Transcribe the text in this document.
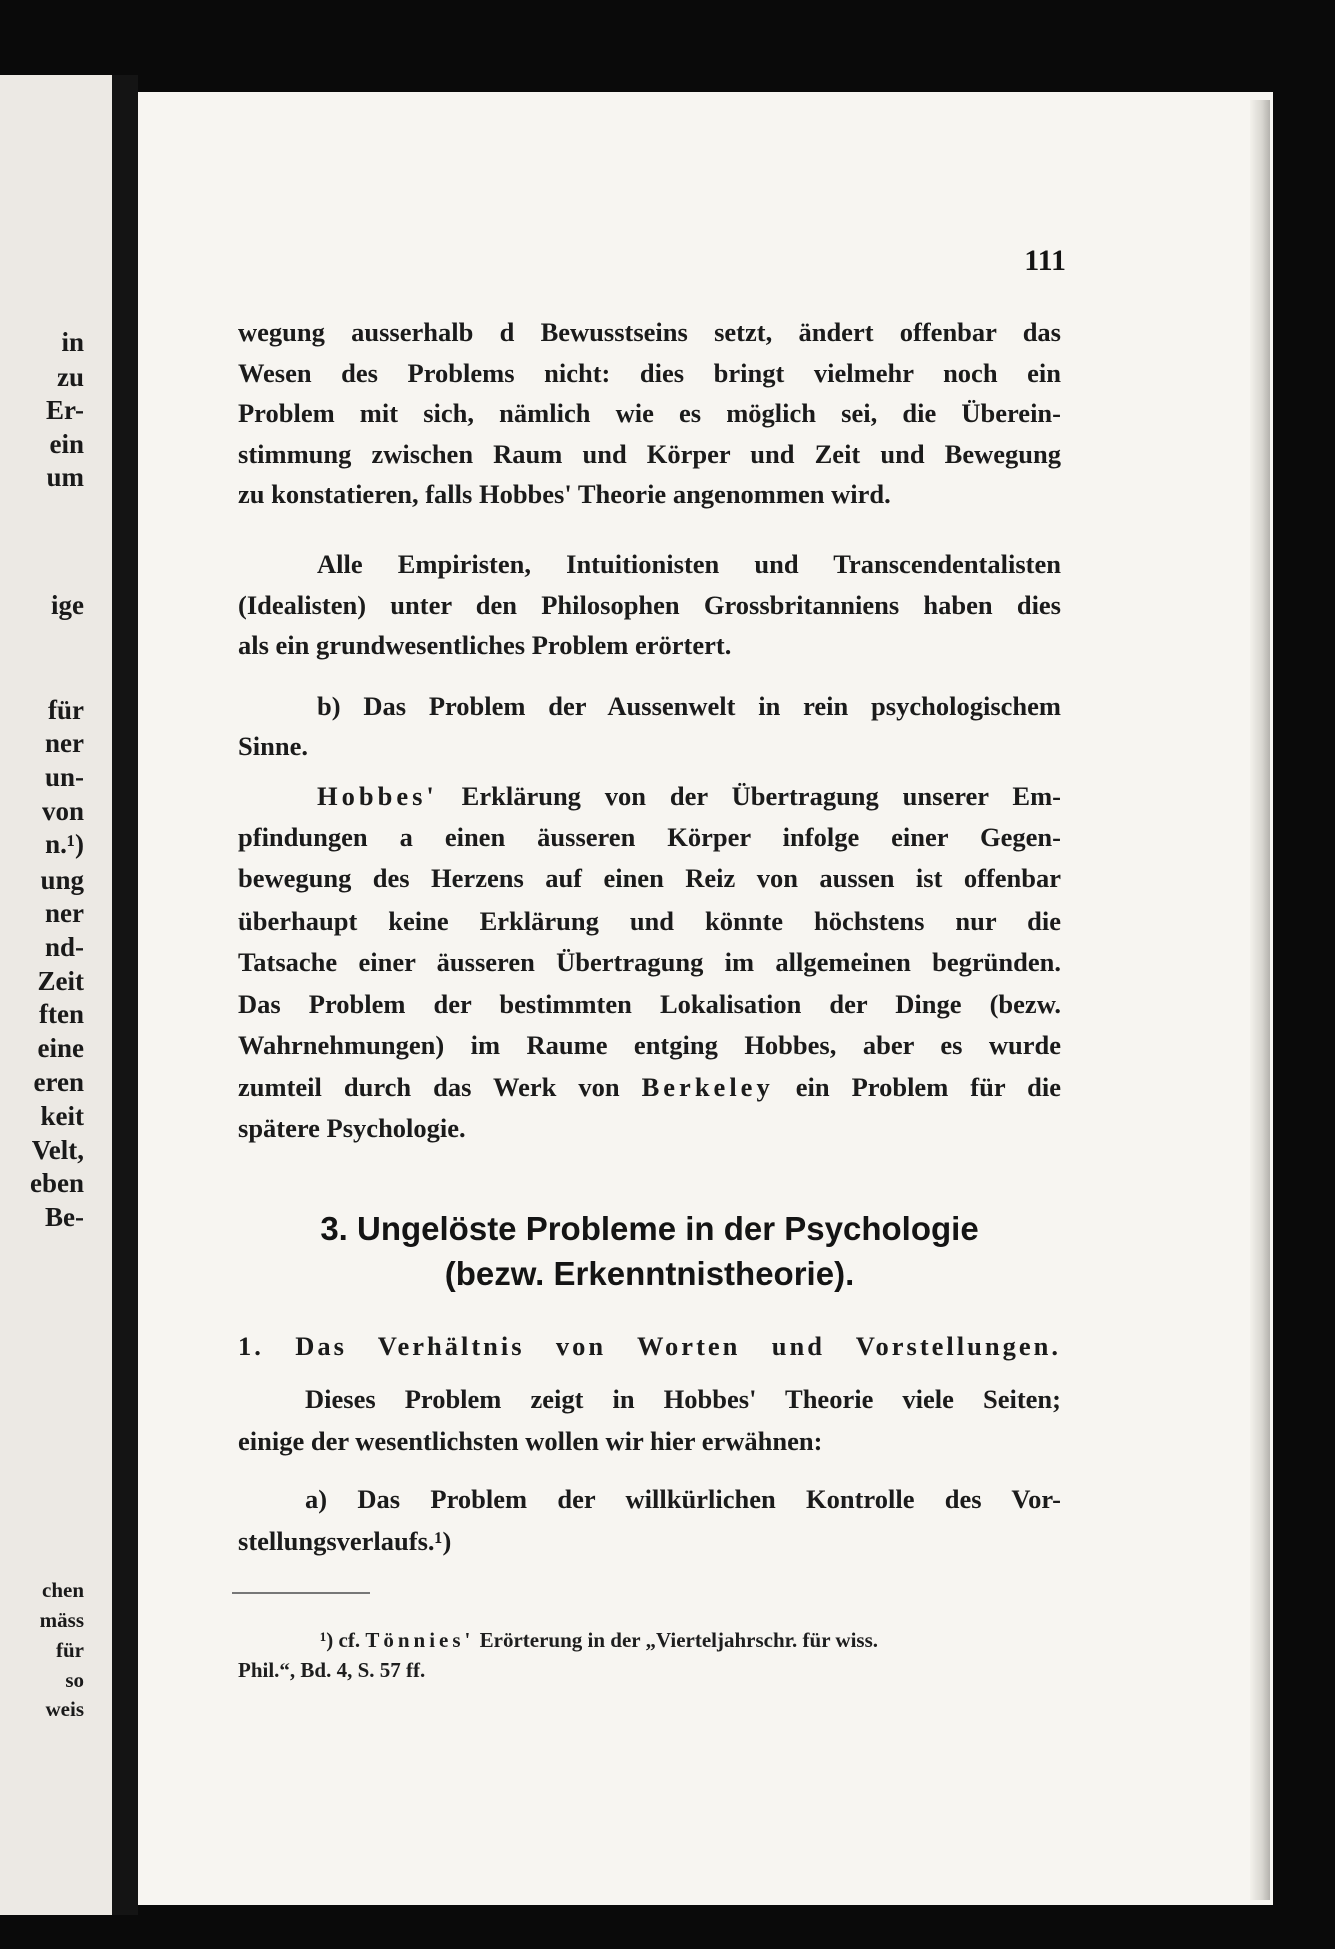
in
zu
Er-
ein
um
ige
für
ner
un-
von
n.¹)
ung
ner
nd-
Zeit
ften
eine
eren
keit
Velt,
eben
Be-
chen
mäss
für
so
weis
111
wegung ausserhalb d Bewusstseins setzt, ändert offenbar das
Wesen des Problems nicht: dies bringt vielmehr noch ein
Problem mit sich, nämlich wie es möglich sei, die Überein-
stimmung zwischen Raum und Körper und Zeit und Bewegung
zu konstatieren, falls Hobbes' Theorie angenommen wird.
Alle Empiristen, Intuitionisten und Transcendentalisten
(Idealisten) unter den Philosophen Grossbritanniens haben dies
als ein grundwesentliches Problem erörtert.
b) Das Problem der Aussenwelt in rein psychologischem
Sinne.
Hobbes' Erklärung von der Übertragung unserer Em-
pfindungen a einen äusseren Körper infolge einer Gegen-
bewegung des Herzens auf einen Reiz von aussen ist offenbar
überhaupt keine Erklärung und könnte höchstens nur die
Tatsache einer äusseren Übertragung im allgemeinen begründen.
Das Problem der bestimmten Lokalisation der Dinge (bezw.
Wahrnehmungen) im Raume entging Hobbes, aber es wurde
zumteil durch das Werk von Berkeley ein Problem für die
spätere Psychologie.
3. Ungelöste Probleme in der Psychologie
(bezw. Erkenntnistheorie).
1. Das Verhältnis von Worten und Vorstellungen.
Dieses Problem zeigt in Hobbes' Theorie viele Seiten;
einige der wesentlichsten wollen wir hier erwähnen:
a) Das Problem der willkürlichen Kontrolle des Vor-
stellungsverlaufs.¹)
¹) cf. Tönnies' Erörterung in der „Vierteljahrschr. für wiss.
Phil.“, Bd. 4, S. 57 ff.
